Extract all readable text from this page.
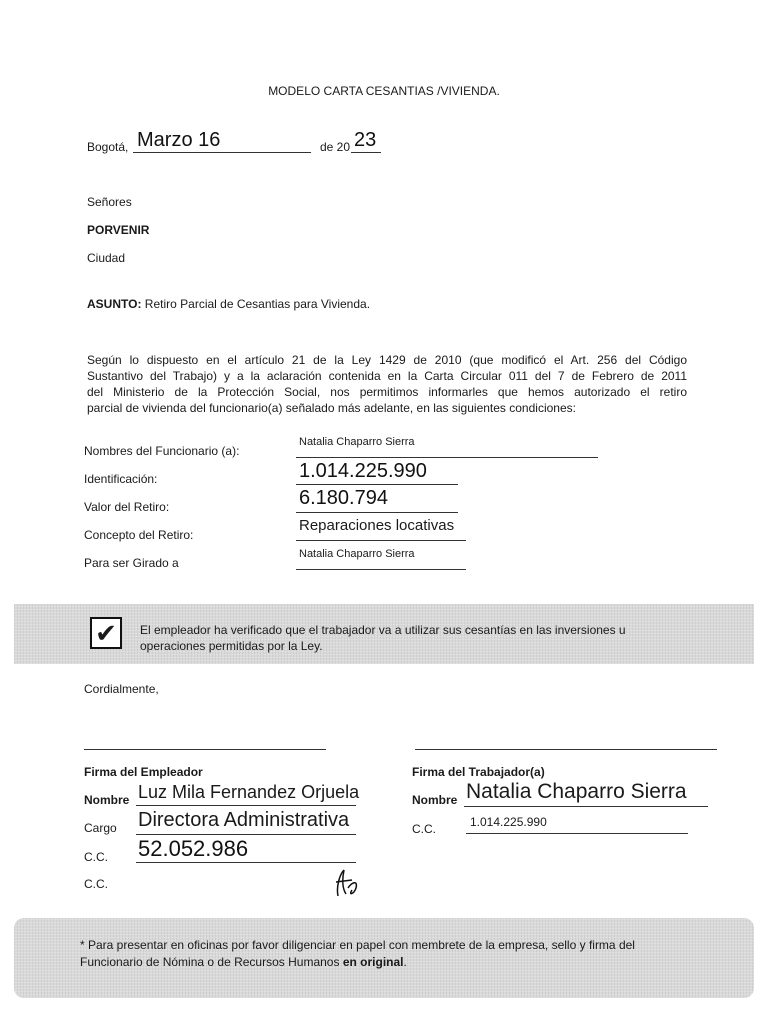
MODELO CARTA CESANTIAS /VIVIENDA.
Bogotá, Marzo 16	de 20 23
Señores
PORVENIR
Ciudad
ASUNTO: Retiro Parcial de Cesantias para Vivienda.
Según lo dispuesto en el artículo 21 de la Ley 1429 de 2010 (que modificó el Art. 256 del Código
Sustantivo del Trabajo) y a la aclaración contenida en la Carta Circular 011 del 7 de Febrero de 2011
del Ministerio de la Protección Social, nos permitimos informarles que hemos autorizado el retiro
parcial de vivienda del funcionario(a) señalado más adelante, en las siguientes condiciones:
Nombres del Funcionario (a):
Natalia Chaparro Sierra
Identificación:	1.014.225.990
Valor del Retiro:	6.180.794
Concepto del Retiro:
Reparaciones locativas
Para ser Girado a
Natalia Chaparro Sierra
✔ El empleador ha verificado que el trabajador va a utilizar sus cesantías en las inversiones u
operaciones permitidas por la Ley.
Cordialmente,
Firma del Empleador
Nombre Luz Mila Fernandez Orjuela
Cargo Directora Administrativa
C.C. 52.052.986
C.C.
Firma del Trabajador(a)
Nombre Natalia Chaparro Sierra
C.C.	1.014.225.990
* Para presentar en oficinas por favor diligenciar en papel con membrete de la empresa, sello y firma del
Funcionario de Nómina o de Recursos Humanos en original.
